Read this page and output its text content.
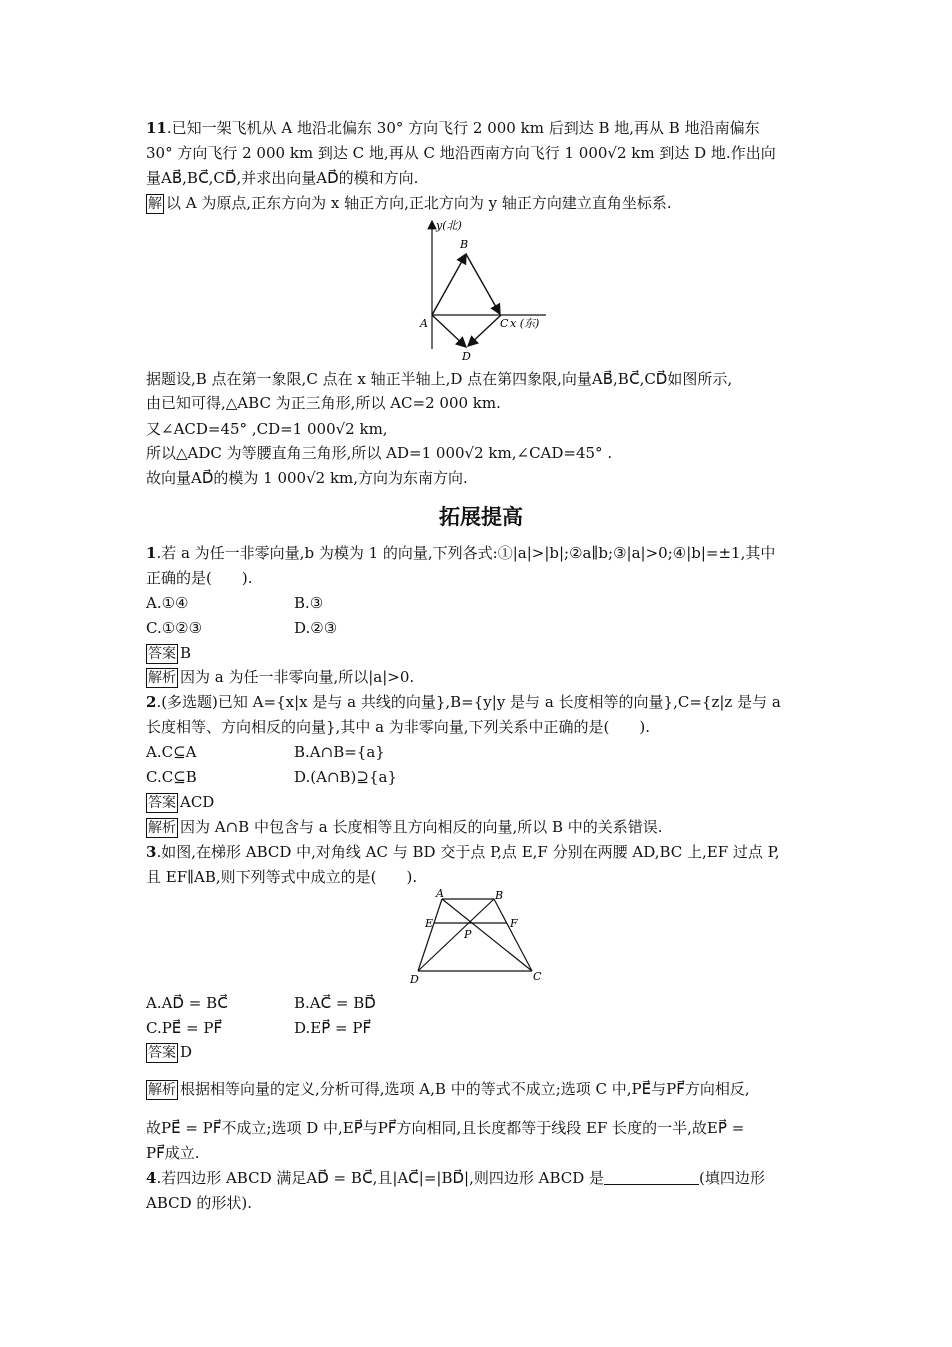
11.已知一架飞机从 A 地沿北偏东 30° 方向飞行 2 000 km 后到达 B 地,再从 B 地沿南偏东
30° 方向飞行 2 000 km 到达 C 地,再从 C 地沿西南方向飞行 1 000√2 km 到达 D 地.作出向
量AB⃗,BC⃗,CD⃗,并求出向量AD⃗的模和方向.
解 以 A 为原点,正东方向为 x 轴正方向,正北方向为 y 轴正方向建立直角坐标系.
y(北)
B
A	C x (东)
D
据题设,B 点在第一象限,C 点在 x 轴正半轴上,D 点在第四象限,向量AB⃗,BC⃗,CD⃗如图所示,
由已知可得,△ABC 为正三角形,所以 AC=2 000 km.
又∠ACD=45° ,CD=1 000√2 km,
所以△ADC 为等腰直角三角形,所以 AD=1 000√2 km,∠CAD=45° .
故向量AD⃗的模为 1 000√2 km,方向为东南方向.
拓展提高
1.若 a 为任一非零向量,b 为模为 1 的向量,下列各式:①|a|>|b|;②a∥b;③|a|>0;④|b|=±1,其中
正确的是(　　).
A.①④	B.③
C.①②③	D.②③
答案 B
解析 因为 a 为任一非零向量,所以|a|>0.
2.(多选题)已知 A={x|x 是与 a 共线的向量},B={y|y 是与 a 长度相等的向量},C={z|z 是与 a
长度相等、方向相反的向量},其中 a 为非零向量,下列关系中正确的是(　　).
A.C⊆A	B.A∩B={a}
C.C⊆B	D.(A∩B)⊇{a}
答案 ACD
解析 因为 A∩B 中包含与 a 长度相等且方向相反的向量,所以 B 中的关系错误.
3.如图,在梯形 ABCD 中,对角线 AC 与 BD 交于点 P,点 E,F 分别在两腰 AD,BC 上,EF 过点 P,
且 EF∥AB,则下列等式中成立的是(　　).
A	B
E	F
P
D	C
A.AD⃗ = BC⃗	B.AC⃗ = BD⃗
C.PE⃗ = PF⃗	D.EP⃗ = PF⃗
答案 D
解析 根据相等向量的定义,分析可得,选项 A,B 中的等式不成立;选项 C 中,PE⃗与PF⃗方向相反,
故PE⃗ = PF⃗不成立;选项 D 中,EP⃗与PF⃗方向相同,且长度都等于线段 EF 长度的一半,故EP⃗ =
PF⃗成立.
4.若四边形 ABCD 满足AD⃗ = BC⃗,且|AC⃗|=|BD⃗|,则四边形 ABCD 是	(填四边形
ABCD 的形状).
